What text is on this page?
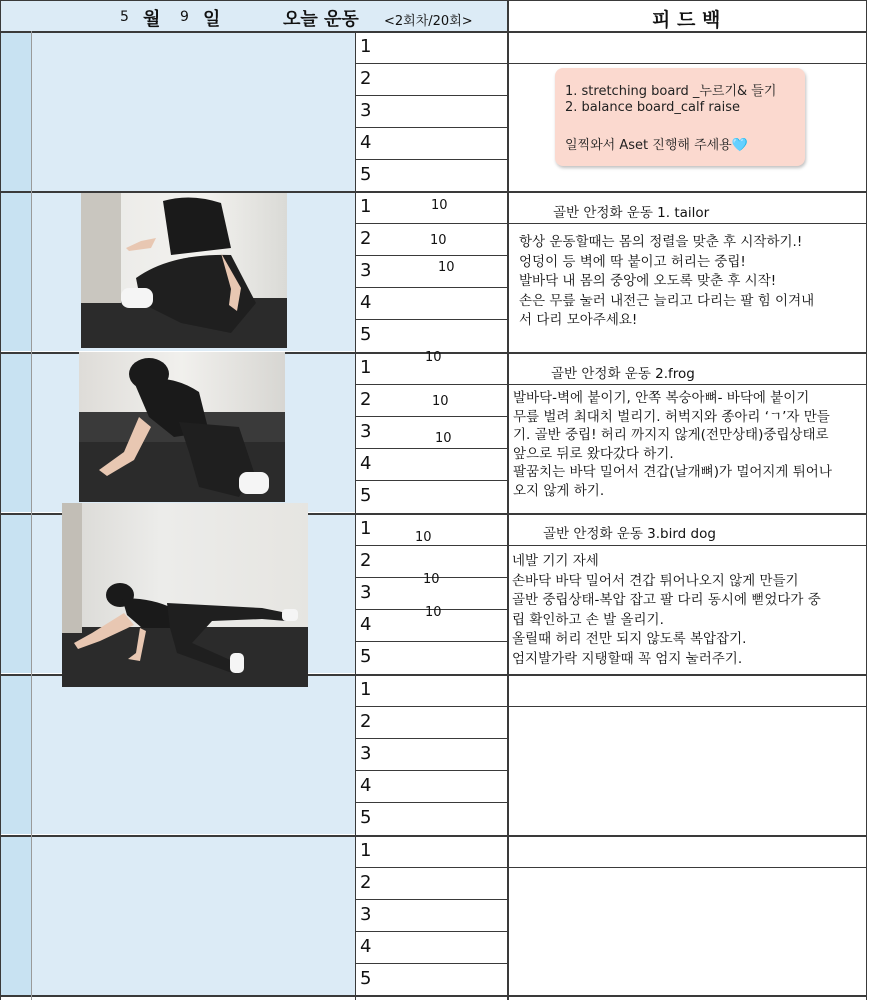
5 월 9 일	오늘 운동 <2회차/20회>	피 드 백
1
2
3
4
5
1
2
3
4
5
1
2
3
4
5
1
2
3
4
5
1
2
3
4
5
1
2
3
4
5
1. stretching board _누르기& 들기
2. balance board_calf raise
일찍와서 Aset 진행해 주세용🩵
골반 안정화 운동 1. tailor
항상 운동할때는 몸의 정렬을 맞춘 후 시작하기.!
엉덩이 등 벽에 딱 붙이고 허리는 중립!
발바닥 내 몸의 중앙에 오도록 맞춘 후 시작!
손은 무릎 눌러 내전근 늘리고 다리는 팔 힘 이겨내
서 다리 모아주세요!
골반 안정화 운동 2.frog
발바닥-벽에 붙이기, 안쪽 복숭아뼈- 바닥에 붙이기
무릎 벌려 최대치 벌리기. 허벅지와 종아리 ‘ㄱ’자 만들
기. 골반 중립! 허리 까지지 않게(전만상태)중립상태로
앞으로 뒤로 왔다갔다 하기.
팔꿈치는 바닥 밀어서 견갑(날개뼈)가 멀어지게 튀어나
오지 않게 하기.
골반 안정화 운동 3.bird dog
네발 기기 자세
손바닥 바닥 밀어서 견갑 튀어나오지 않게 만들기
골반 중립상태-복압 잡고 팔 다리 동시에 뻗었다가 중
립 확인하고 손 발 올리기.
올릴때 허리 전만 되지 않도록 복압잡기.
엄지발가락 지탱할때 꼭 엄지 눌러주기.
10
10
10
10
10
10
10
10
10
